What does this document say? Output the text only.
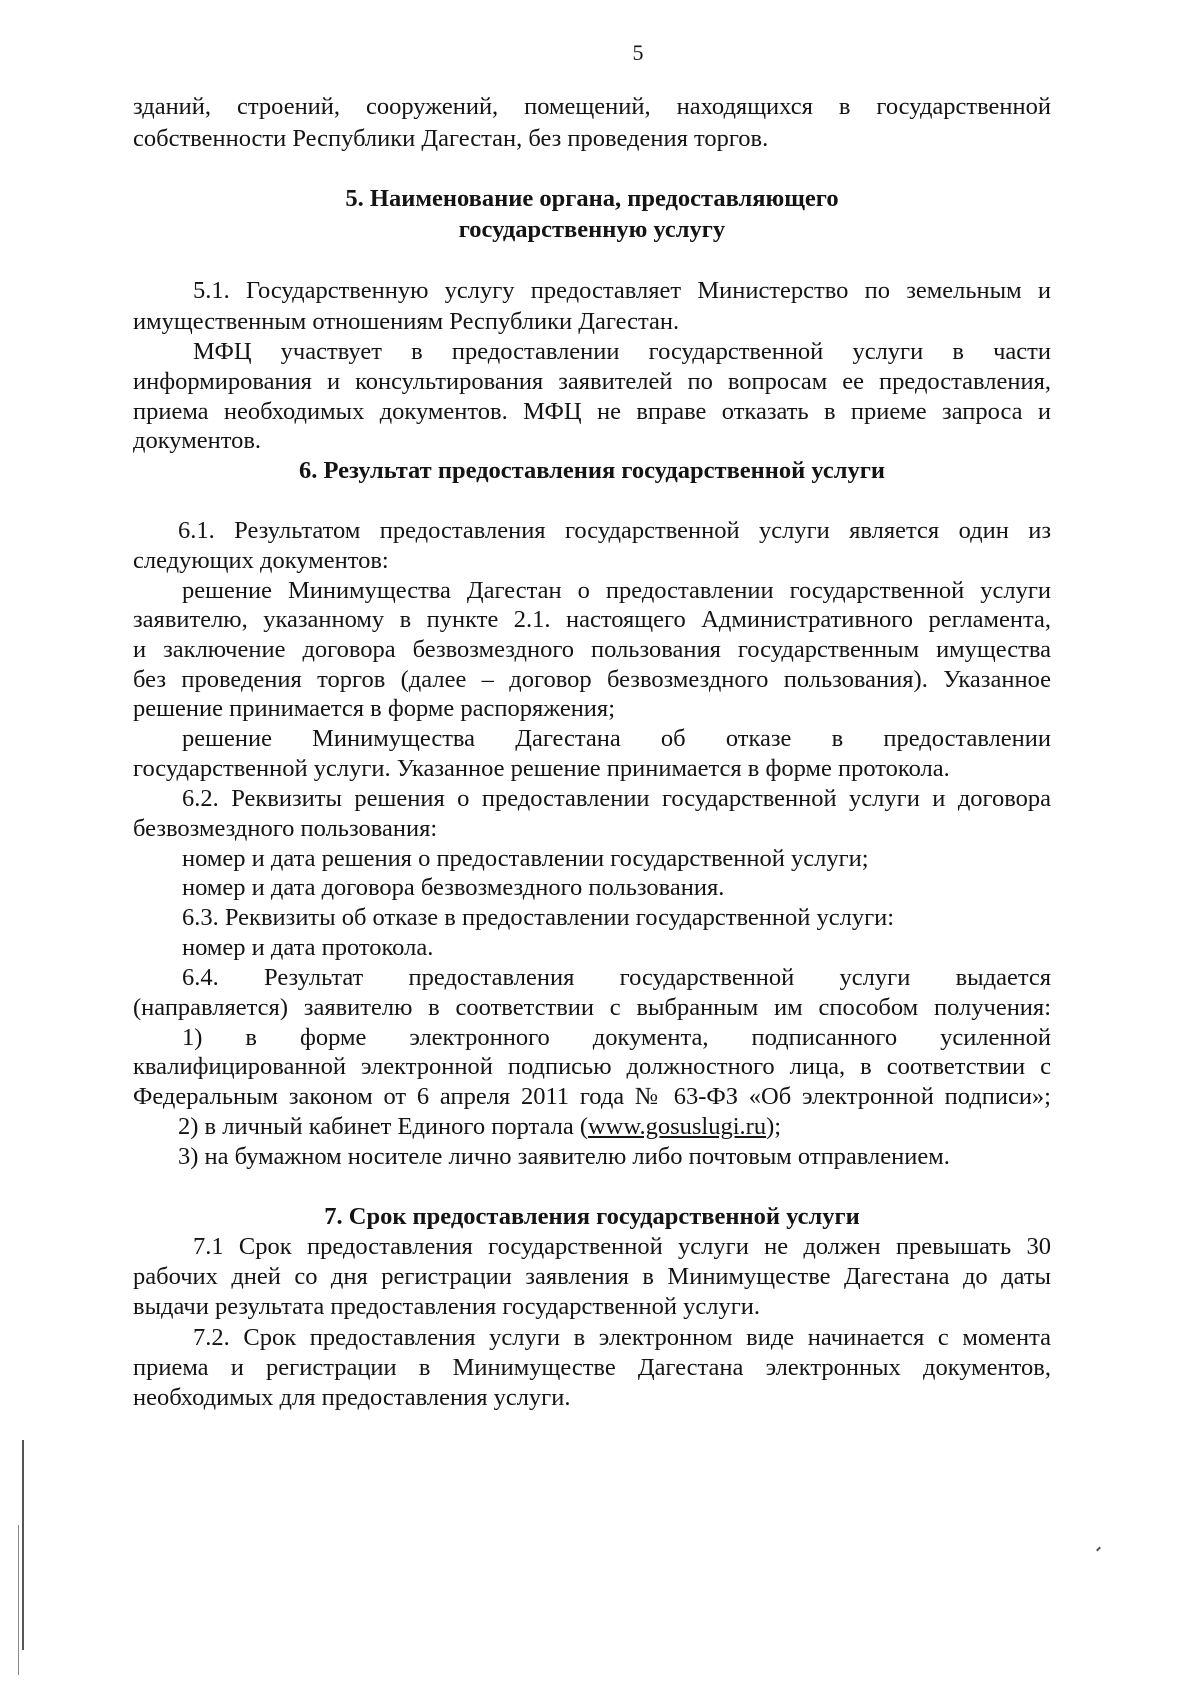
5
зданий, строений, сооружений, помещений, находящихся в государственной
собственности Республики Дагестан, без проведения торгов.
5. Наименование органа, предоставляющего
государственную услугу
5.1. Государственную услугу предоставляет Министерство по земельным и
имущественным отношениям Республики Дагестан.
МФЦ участвует в предоставлении государственной услуги в части
информирования и консультирования заявителей по вопросам ее предоставления,
приема необходимых документов. МФЦ не вправе отказать в приеме запроса и
документов.
6. Результат предоставления государственной услуги
6.1. Результатом предоставления государственной услуги является один из
следующих документов:
решение Минимущества Дагестан о предоставлении государственной услуги
заявителю, указанному в пункте 2.1. настоящего Административного регламента,
и заключение договора безвозмездного пользования государственным имущества
без проведения торгов (далее – договор безвозмездного пользования). Указанное
решение принимается в форме распоряжения;
решение Минимущества Дагестана об отказе в предоставлении
государственной услуги. Указанное решение принимается в форме протокола.
6.2. Реквизиты решения о предоставлении государственной услуги и договора
безвозмездного пользования:
номер и дата решения о предоставлении государственной услуги;
номер и дата договора безвозмездного пользования.
6.3. Реквизиты об отказе в предоставлении государственной услуги:
номер и дата протокола.
6.4. Результат предоставления государственной услуги выдается
(направляется) заявителю в соответствии с выбранным им способом получения:
1) в форме электронного документа, подписанного усиленной
квалифицированной электронной подписью должностного лица, в соответствии с
Федеральным законом от 6 апреля 2011 года № 63-ФЗ «Об электронной подписи»;
2) в личный кабинет Единого портала (www.gosuslugi.ru);
3) на бумажном носителе лично заявителю либо почтовым отправлением.
7. Срок предоставления государственной услуги
7.1 Срок предоставления государственной услуги не должен превышать 30
рабочих дней со дня регистрации заявления в Минимуществе Дагестана до даты
выдачи результата предоставления государственной услуги.
7.2. Срок предоставления услуги в электронном виде начинается с момента
приема и регистрации в Минимуществе Дагестана электронных документов,
необходимых для предоставления услуги.
